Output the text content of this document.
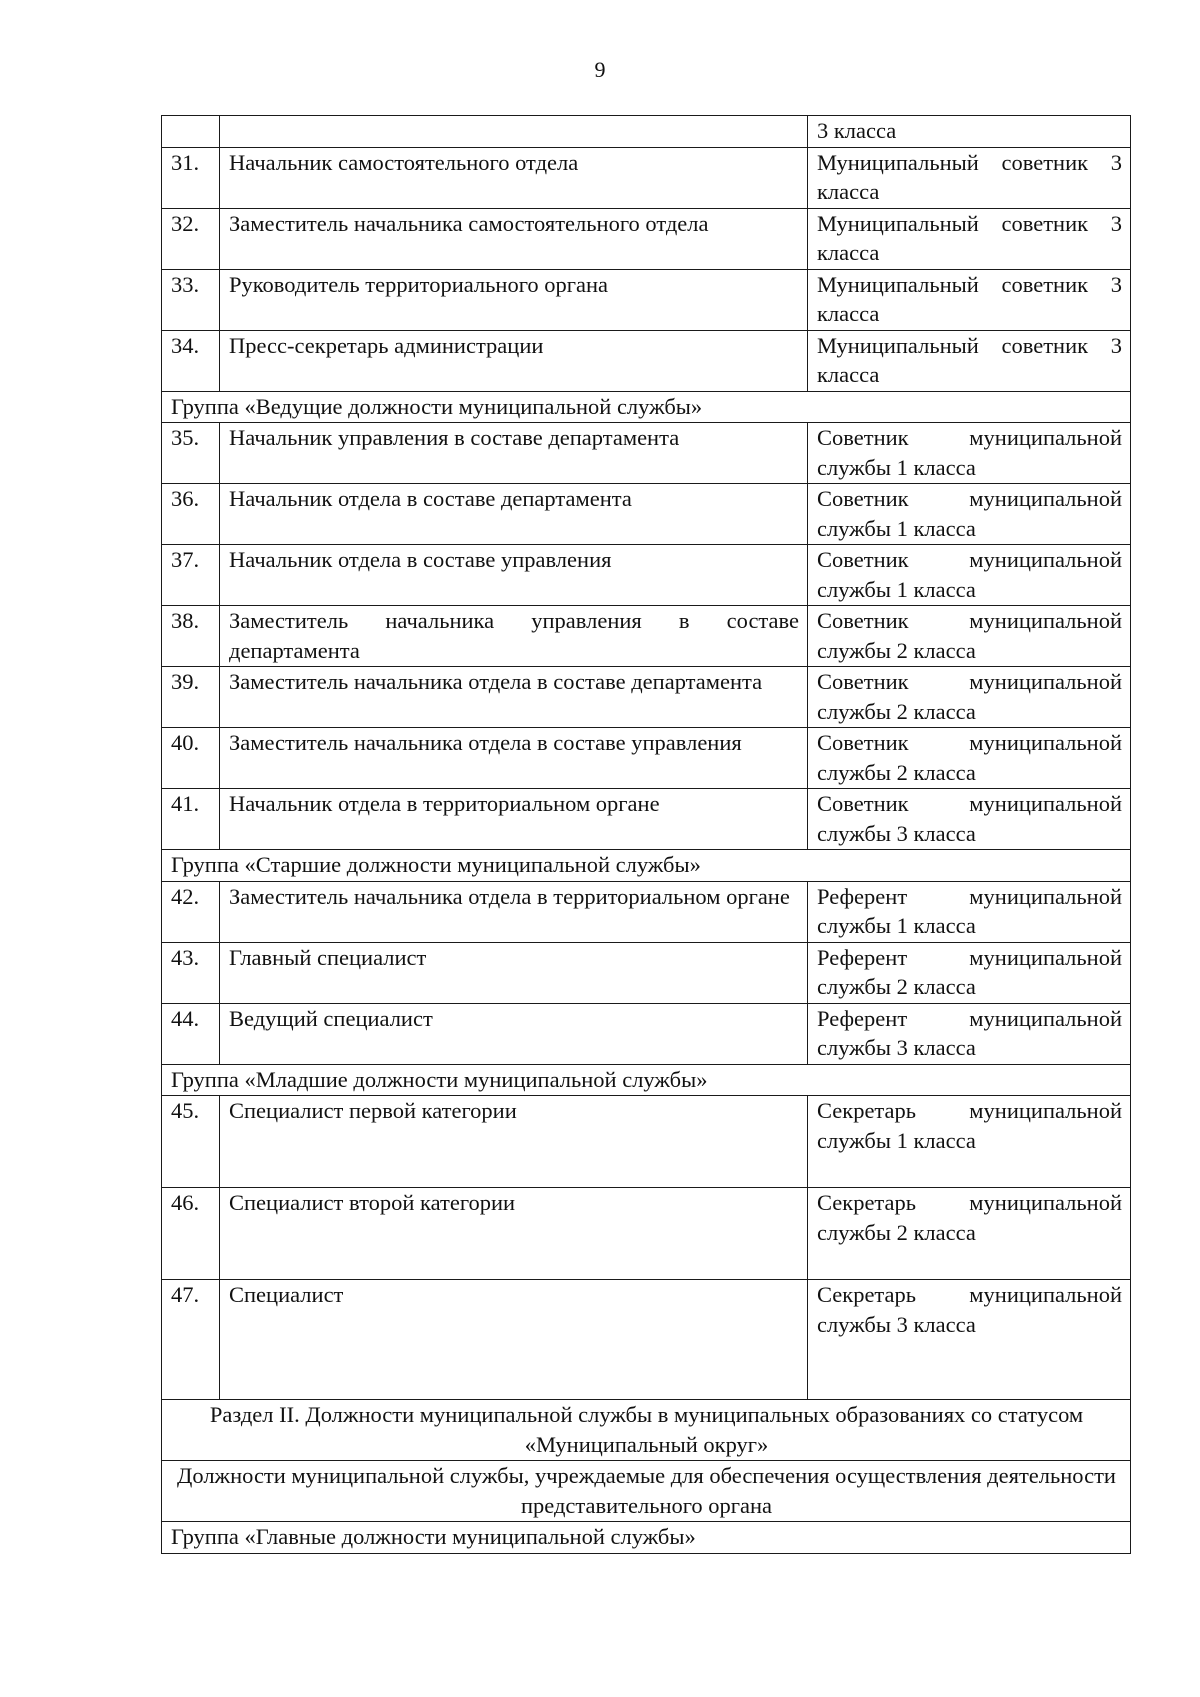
9
		3 класса
31.	Начальник самостоятельного отдела	Муниципальный советник 3 класса
32.	Заместитель начальника самостоятельного отдела	Муниципальный советник 3 класса
33.	Руководитель территориального органа	Муниципальный советник 3 класса
34.	Пресс-секретарь администрации	Муниципальный советник 3 класса
Группа «Ведущие должности муниципальной службы»		
35.	Начальник управления в составе департамента	Советник муниципальной службы 1 класса
36.	Начальник отдела в составе департамента	Советник муниципальной службы 1 класса
37.	Начальник отдела в составе управления	Советник муниципальной службы 1 класса
38.	Заместитель начальника управления в составе департамента	Советник муниципальной службы 2 класса
39.	Заместитель начальника отдела в составе департамента	Советник муниципальной службы 2 класса
40.	Заместитель начальника отдела в составе управления	Советник муниципальной службы 2 класса
41.	Начальник отдела в территориальном органе	Советник муниципальной службы 3 класса
Группа «Старшие должности муниципальной службы»		
42.	Заместитель начальника отдела в территориальном органе	Референт муниципальной службы 1 класса
43.	Главный специалист	Референт муниципальной службы 2 класса
44.	Ведущий специалист	Референт муниципальной службы 3 класса
Группа «Младшие должности муниципальной службы»		
45.	Специалист первой категории	Секретарь муниципальной службы 1 класса
46.	Специалист второй категории	Секретарь муниципальной службы 2 класса
47.	Специалист	Секретарь муниципальной службы 3 класса
Раздел II. Должности муниципальной службы в муниципальных образованиях со статусом «Муниципальный округ»		
Должности муниципальной службы, учреждаемые для обеспечения осуществления деятельности представительного органа		
Группа «Главные должности муниципальной службы»		
